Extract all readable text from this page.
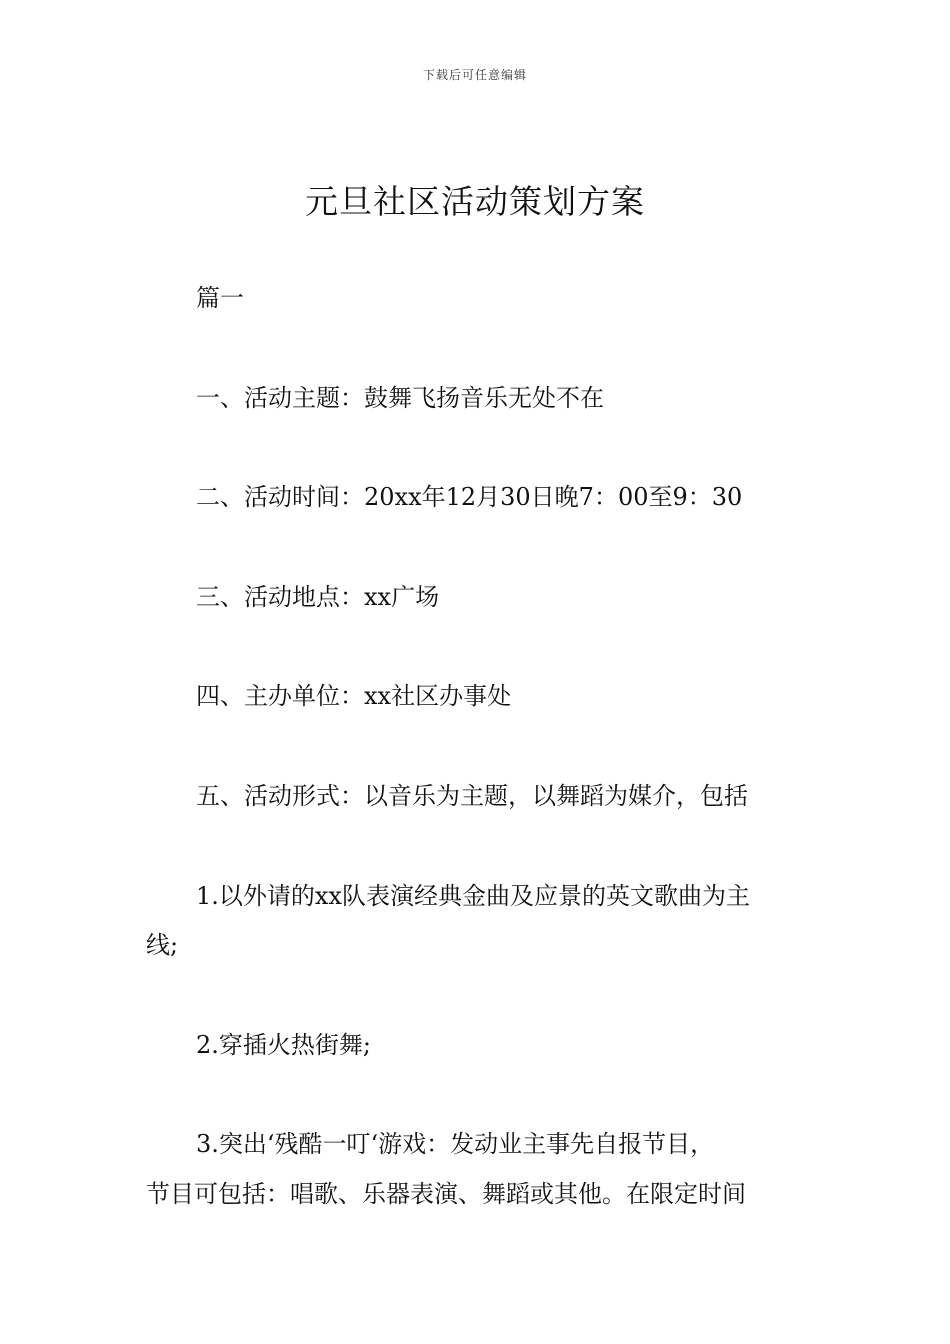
下载后可任意编辑
元旦社区活动策划方案
篇一
一、活动主题：鼓舞飞扬音乐无处不在
二、活动时间：20xx年12月30日晚7：00至9：30
三、活动地点：xx广场
四、主办单位：xx社区办事处
五、活动形式：以音乐为主题，以舞蹈为媒介，包括
1.以外请的xx队表演经典金曲及应景的英文歌曲为主
线;
2.穿插火热街舞;
3.突出‘残酷一叮‘游戏：发动业主事先自报节目，
节目可包括：唱歌、乐器表演、舞蹈或其他。在限定时间
